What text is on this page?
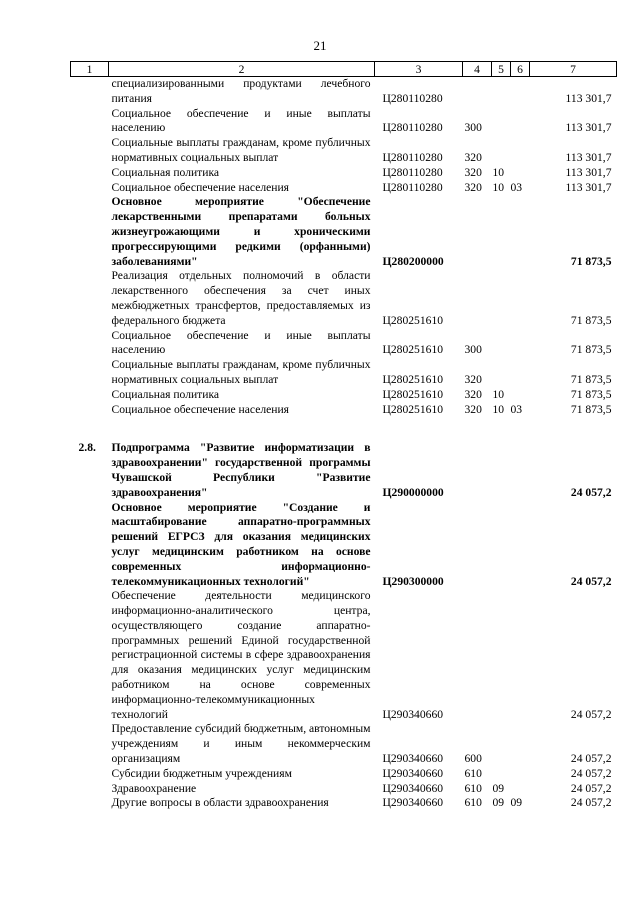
21
1	2	3	4	5	6	7
	специализированными продуктами лечебного питания	Ц280110280				113 301,7
	Социальное обеспечение и иные выплаты населению	Ц280110280	300			113 301,7
	Социальные выплаты гражданам, кроме публичных нормативных социальных выплат	Ц280110280	320			113 301,7
	Социальная политика	Ц280110280	320	10		113 301,7
	Социальное обеспечение населения	Ц280110280	320	10	03	113 301,7
	Основное мероприятие "Обеспечение лекарственными препаратами больных жизнеугрожающими и хроническими прогрессирующими редкими (орфанными) заболеваниями"	Ц280200000				71 873,5
	Реализация отдельных полномочий в области лекарственного обеспечения за счет иных межбюджетных трансфертов, предоставляемых из федерального бюджета	Ц280251610				71 873,5
	Социальное обеспечение и иные выплаты населению	Ц280251610	300			71 873,5
	Социальные выплаты гражданам, кроме публичных нормативных социальных выплат	Ц280251610	320			71 873,5
	Социальная политика	Ц280251610	320	10		71 873,5
	Социальное обеспечение населения	Ц280251610	320	10	03	71 873,5

2.8.	Подпрограмма "Развитие информатизации в здравоохранении" государственной программы Чувашской Республики "Развитие здравоохранения"	Ц290000000				24 057,2
	Основное мероприятие "Создание и масштабирование аппаратно-программных решений ЕГРСЗ для оказания медицинских услуг медицинским работником на основе современных информационно-телекоммуникационных технологий"	Ц290300000				24 057,2
	Обеспечение деятельности медицинского информационно-аналитического центра, осуществляющего создание аппаратно-программных решений Единой государственной регистрационной системы в сфере здравоохранения для оказания медицинских услуг медицинским работником на основе современных информационно-телекоммуникационных технологий	Ц290340660				24 057,2
	Предоставление субсидий бюджетным, автономным учреждениям и иным некоммерческим организациям	Ц290340660	600			24 057,2
	Субсидии бюджетным учреждениям	Ц290340660	610			24 057,2
	Здравоохранение	Ц290340660	610	09		24 057,2
	Другие вопросы в области здравоохранения	Ц290340660	610	09	09	24 057,2
